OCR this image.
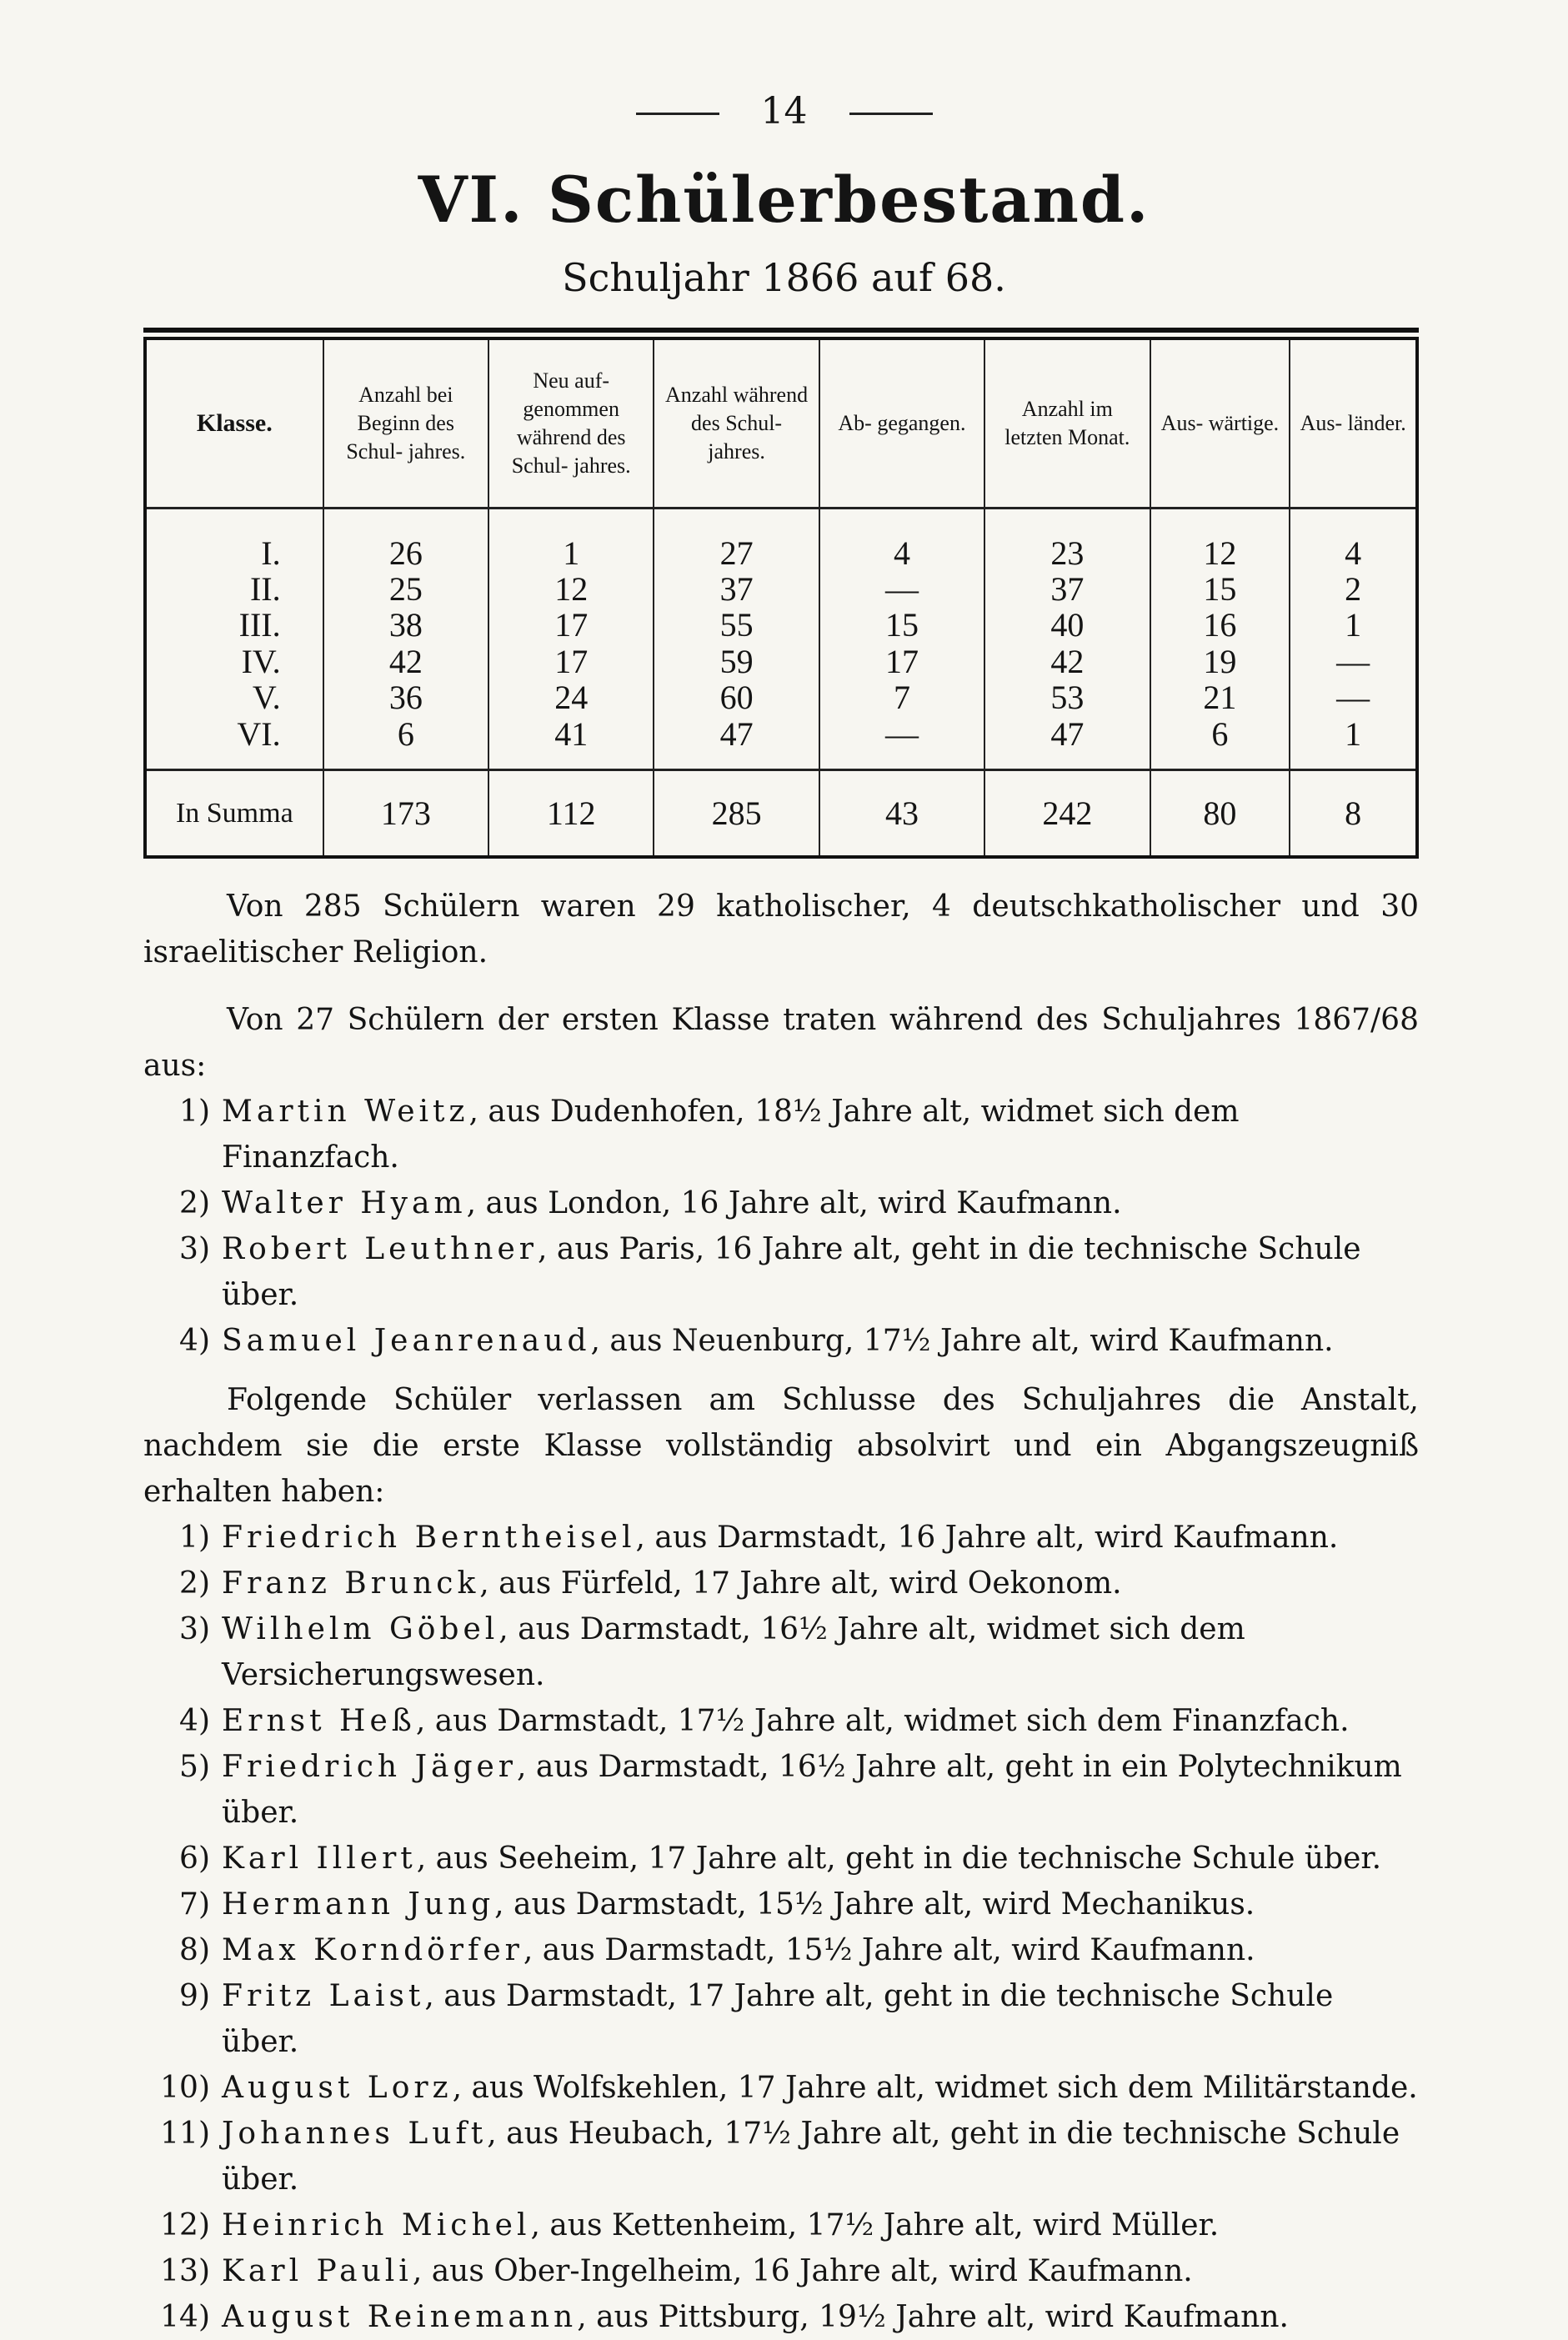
14
VI. Schülerbestand.
Schuljahr 1866 auf 68.
Klasse.	Anzahl bei Beginn des Schul- jahres.	Neu auf- genommen während des Schul- jahres.	Anzahl während des Schul- jahres.	Ab- gegangen.	Anzahl im letzten Monat.	Aus- wärtige.	Aus- länder.

I.	26	1	27	4	23	12	4
II.	25	12	37	—	37	15	2
III.	38	17	55	15	40	16	1
IV.	42	17	59	17	42	19	—
V.	36	24	60	7	53	21	—
VI.	6	41	47	—	47	6	1

In Summa	173	112	285	43	242	80	8

Von 285 Schülern waren 29 katholischer, 4 deutschkatholischer und 30 israelitischer Religion.

Von 27 Schülern der ersten Klasse traten während des Schuljahres 1867/68 aus:

1) Martin Weitz, aus Dudenhofen, 18½ Jahre alt, widmet sich dem Finanzfach.
2) Walter Hyam, aus London, 16 Jahre alt, wird Kaufmann.
3) Robert Leuthner, aus Paris, 16 Jahre alt, geht in die technische Schule über.
4) Samuel Jeanrenaud, aus Neuenburg, 17½ Jahre alt, wird Kaufmann.

Folgende Schüler verlassen am Schlusse des Schuljahres die Anstalt, nachdem sie die erste Klasse vollständig absolvirt und ein Abgangszeugniß erhalten haben:

1) Friedrich Berntheisel, aus Darmstadt, 16 Jahre alt, wird Kaufmann.
2) Franz Brunck, aus Fürfeld, 17 Jahre alt, wird Oekonom.
3) Wilhelm Göbel, aus Darmstadt, 16½ Jahre alt, widmet sich dem Versicherungswesen.
4) Ernst Heß, aus Darmstadt, 17½ Jahre alt, widmet sich dem Finanzfach.
5) Friedrich Jäger, aus Darmstadt, 16½ Jahre alt, geht in ein Polytechnikum über.
6) Karl Illert, aus Seeheim, 17 Jahre alt, geht in die technische Schule über.
7) Hermann Jung, aus Darmstadt, 15½ Jahre alt, wird Mechanikus.
8) Max Korndörfer, aus Darmstadt, 15½ Jahre alt, wird Kaufmann.
9) Fritz Laist, aus Darmstadt, 17 Jahre alt, geht in die technische Schule über.
10) August Lorz, aus Wolfskehlen, 17 Jahre alt, widmet sich dem Militärstande.
11) Johannes Luft, aus Heubach, 17½ Jahre alt, geht in die technische Schule über.
12) Heinrich Michel, aus Kettenheim, 17½ Jahre alt, wird Müller.
13) Karl Pauli, aus Ober-Ingelheim, 16 Jahre alt, wird Kaufmann.
14) August Reinemann, aus Pittsburg, 19½ Jahre alt, wird Kaufmann.
